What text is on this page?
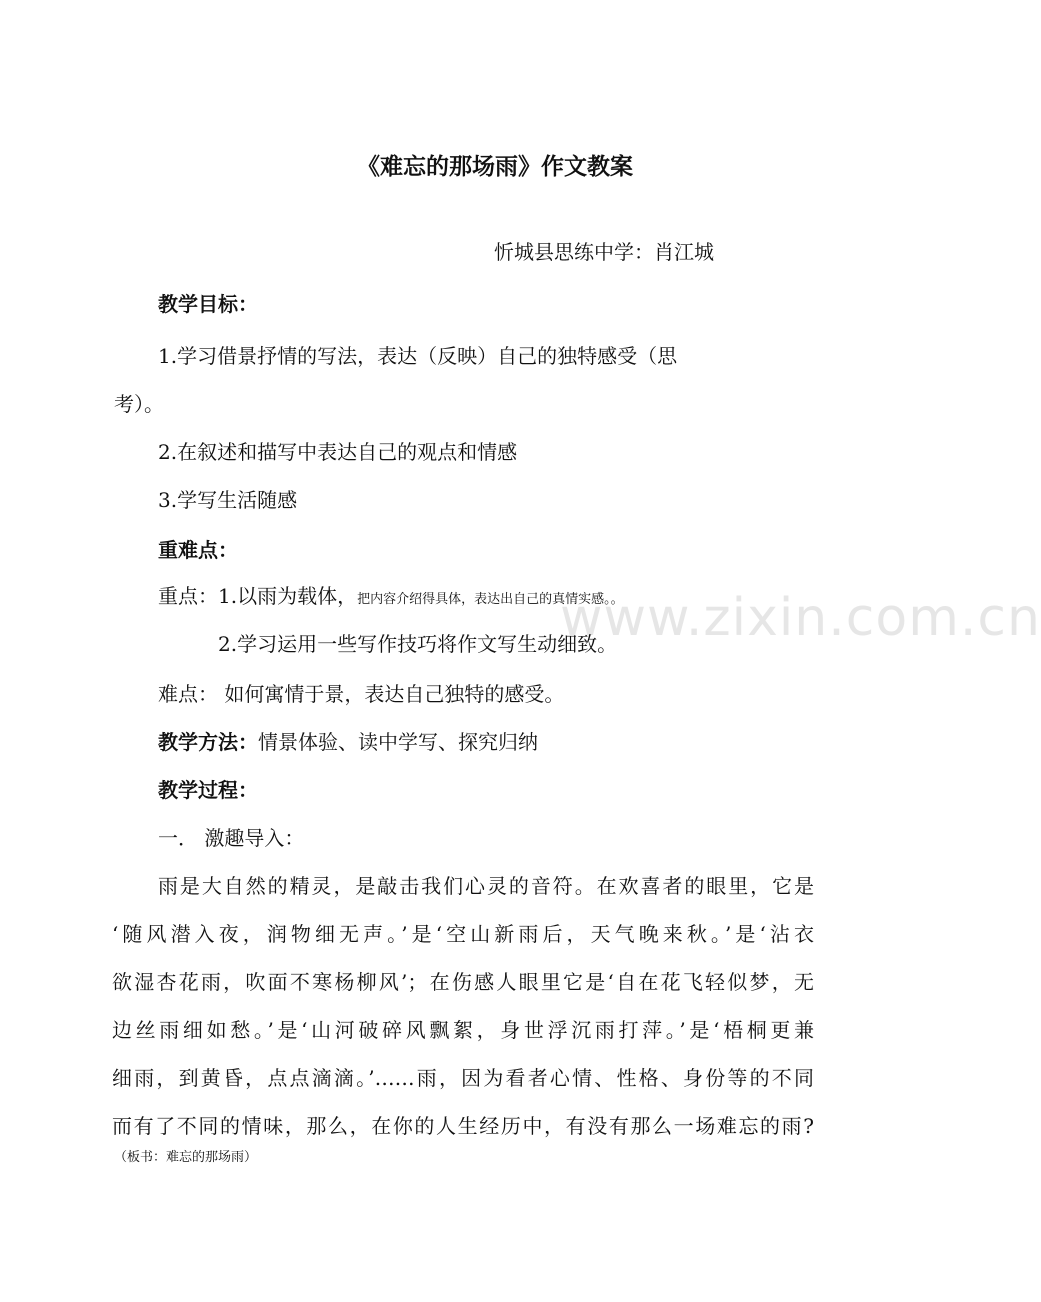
www.zixin.com.cn
《难忘的那场雨》作文教案
忻城县思练中学：肖江城
教学目标：
1.学习借景抒情的写法，表达（反映）自己的独特感受（思
考）。
2.在叙述和描写中表达自己的观点和情感
3.学写生活随感
重难点：
重点：1.以雨为载体，把内容介绍得具体，表达出自己的真情实感。。
2.学习运用一些写作技巧将作文写生动细致。
难点： 如何寓情于景，表达自己独特的感受。
教学方法：情景体验、读中学写、探究归纳
教学过程：
一． 激趣导入：
雨是大自然的精灵，是敲击我们心灵的音符。在欢喜者的眼里，它是
‘随风潜入夜，润物细无声。’是‘空山新雨后，天气晚来秋。’是‘沾衣
欲湿杏花雨，吹面不寒杨柳风’；在伤感人眼里它是‘自在花飞轻似梦，无
边丝雨细如愁。’是‘山河破碎风飘絮，身世浮沉雨打萍。’是‘梧桐更兼
细雨，到黄昏，点点滴滴。’……雨，因为看者心情、性格、身份等的不同
而有了不同的情味，那么，在你的人生经历中，有没有那么一场难忘的雨?
（板书：难忘的那场雨）
